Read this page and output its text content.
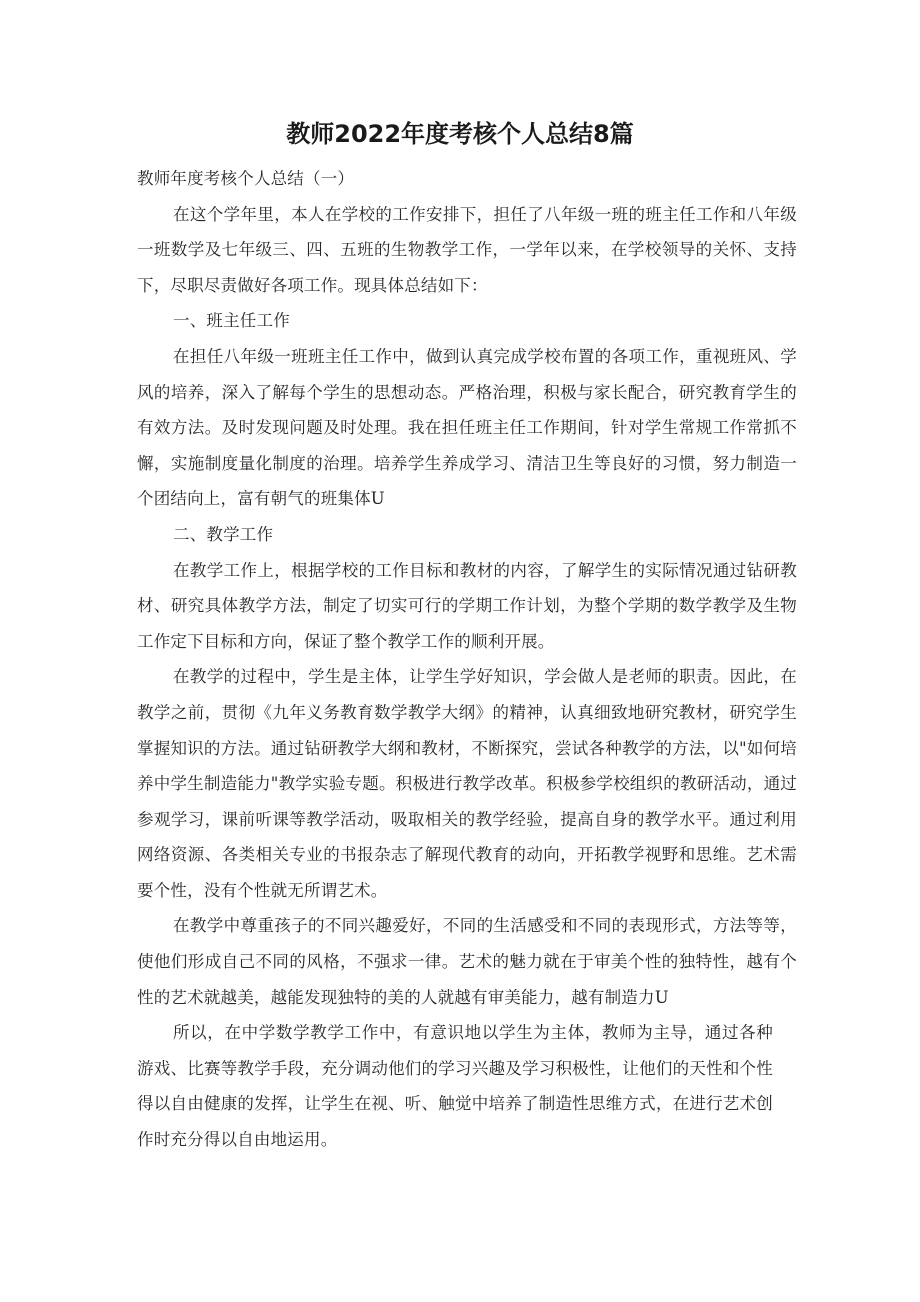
教师2022年度考核个人总结8篇

教师年度考核个人总结（一）

在这个学年里，本人在学校的工作安排下，担任了八年级一班的班主任工作和八年级一班数学及七年级三、四、五班的生物教学工作，一学年以来，在学校领导的关怀、支持下，尽职尽责做好各项工作。现具体总结如下：

一、班主任工作

在担任八年级一班班主任工作中，做到认真完成学校布置的各项工作，重视班风、学风的培养，深入了解每个学生的思想动态。严格治理，积极与家长配合，研究教育学生的有效方法。及时发现问题及时处理。我在担任班主任工作期间，针对学生常规工作常抓不懈，实施制度量化制度的治理。培养学生养成学习、清洁卫生等良好的习惯，努力制造一个团结向上，富有朝气的班集体U

二、教学工作

在教学工作上，根据学校的工作目标和教材的内容，了解学生的实际情况通过钻研教材、研究具体教学方法，制定了切实可行的学期工作计划，为整个学期的数学教学及生物工作定下目标和方向，保证了整个教学工作的顺利开展。

在教学的过程中，学生是主体，让学生学好知识，学会做人是老师的职责。因此，在教学之前，贯彻《九年义务教育数学教学大纲》的精神，认真细致地研究教材，研究学生掌握知识的方法。通过钻研教学大纲和教材，不断探究，尝试各种教学的方法，以"如何培养中学生制造能力"教学实验专题。积极进行教学改革。积极参学校组织的教研活动，通过参观学习，课前听课等教学活动，吸取相关的教学经验，提高自身的教学水平。通过利用网络资源、各类相关专业的书报杂志了解现代教育的动向，开拓教学视野和思维。艺术需要个性，没有个性就无所谓艺术。

在教学中尊重孩子的不同兴趣爱好，不同的生活感受和不同的表现形式，方法等等，使他们形成自己不同的风格，不强求一律。艺术的魅力就在于审美个性的独特性，越有个性的艺术就越美，越能发现独特的美的人就越有审美能力，越有制造力U

所以，在中学数学教学工作中，有意识地以学生为主体，教师为主导，通过各种游戏、比赛等教学手段，充分调动他们的学习兴趣及学习积极性，让他们的天性和个性得以自由健康的发挥，让学生在视、听、触觉中培养了制造性思维方式，在进行艺术创作时充分得以自由地运用。
